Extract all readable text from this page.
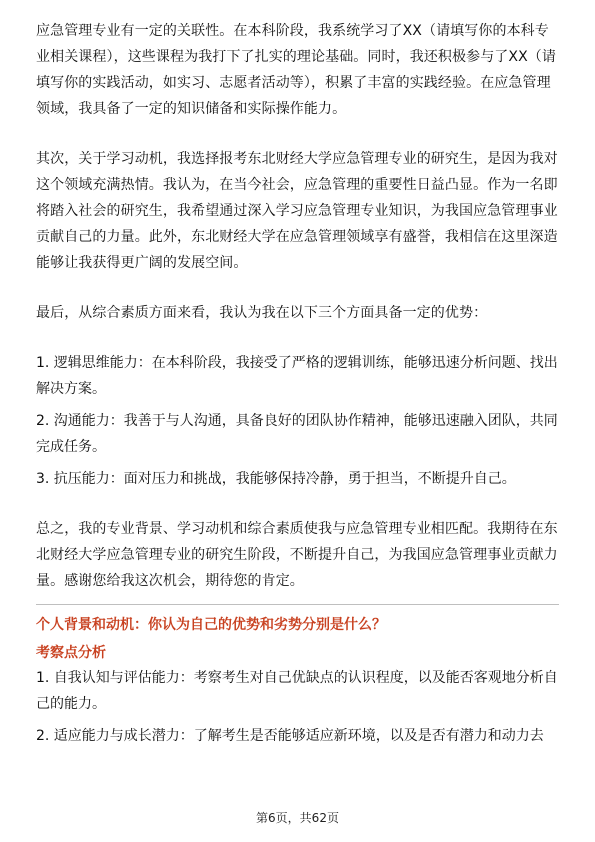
应急管理专业有一定的关联性。在本科阶段，我系统学习了XX（请填写你的本科专业相关课程），这些课程为我打下了扎实的理论基础。同时，我还积极参与了XX（请填写你的实践活动，如实习、志愿者活动等），积累了丰富的实践经验。在应急管理领域，我具备了一定的知识储备和实际操作能力。

其次，关于学习动机，我选择报考东北财经大学应急管理专业的研究生，是因为我对这个领域充满热情。我认为，在当今社会，应急管理的重要性日益凸显。作为一名即将踏入社会的研究生，我希望通过深入学习应急管理专业知识，为我国应急管理事业贡献自己的力量。此外，东北财经大学在应急管理领域享有盛誉，我相信在这里深造能够让我获得更广阔的发展空间。

最后，从综合素质方面来看，我认为我在以下三个方面具备一定的优势：

1. 逻辑思维能力：在本科阶段，我接受了严格的逻辑训练，能够迅速分析问题、找出解决方案。
2. 沟通能力：我善于与人沟通，具备良好的团队协作精神，能够迅速融入团队，共同完成任务。
3. 抗压能力：面对压力和挑战，我能够保持冷静，勇于担当，不断提升自己。

总之，我的专业背景、学习动机和综合素质使我与应急管理专业相匹配。我期待在东北财经大学应急管理专业的研究生阶段，不断提升自己，为我国应急管理事业贡献力量。感谢您给我这次机会，期待您的肯定。

个人背景和动机：你认为自己的优势和劣势分别是什么？

考察点分析

1. 自我认知与评估能力：考察考生对自己优缺点的认识程度，以及能否客观地分析自己的能力。
2. 适应能力与成长潜力：了解考生是否能够适应新环境，以及是否有潜力和动力去
第6页，共62页
